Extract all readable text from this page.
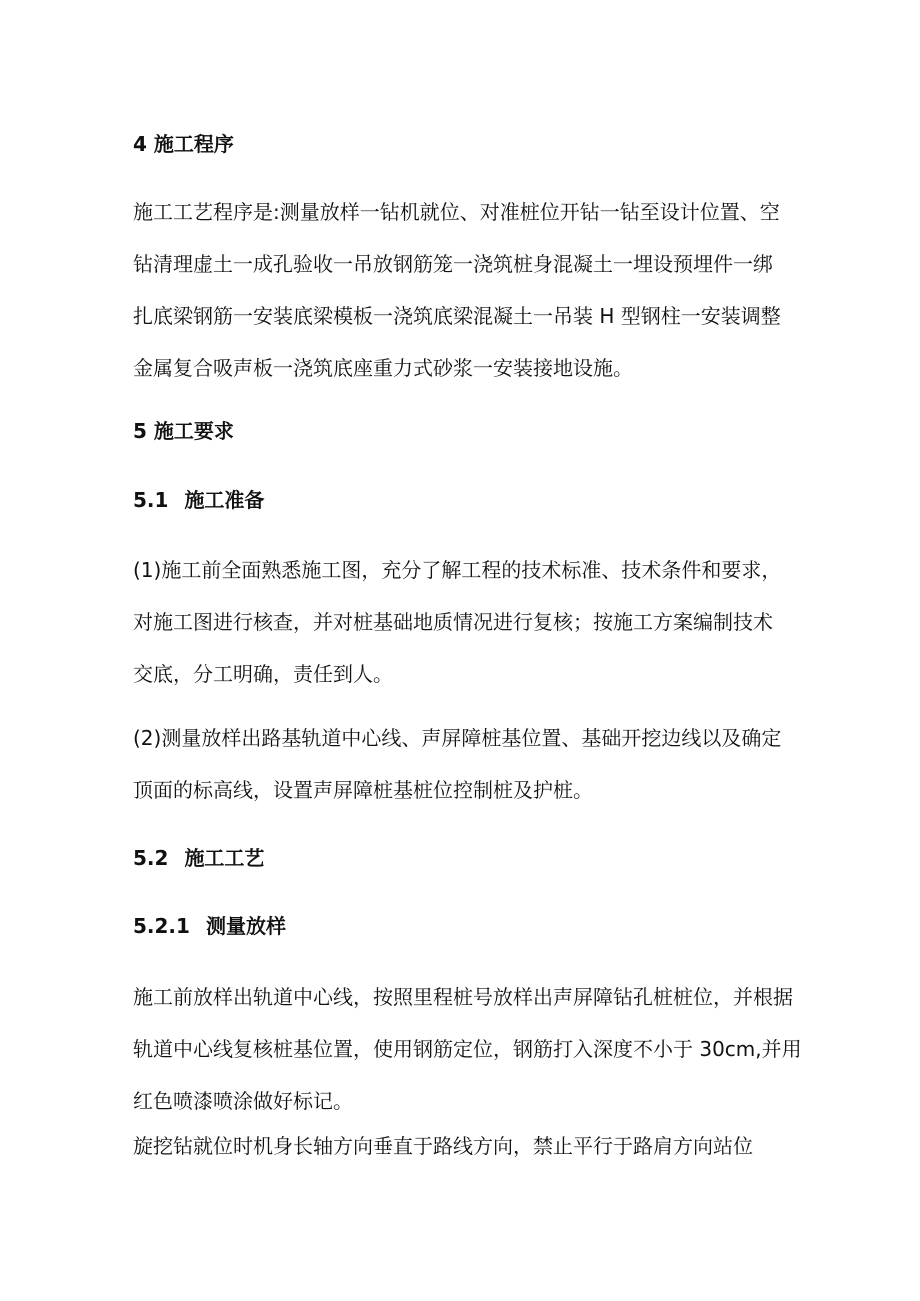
4 施工程序
施工工艺程序是:测量放样一钻机就位、对准桩位开钻一钻至设计位置、空
钻清理虚土一成孔验收一吊放钢筋笼一浇筑桩身混凝土一埋设预埋件一绑
扎底梁钢筋一安装底梁模板一浇筑底梁混凝土一吊装 H 型钢柱一安装调整
金属复合吸声板一浇筑底座重力式砂浆一安装接地设施。
5 施工要求
5.1 施工准备
(1)施工前全面熟悉施工图，充分了解工程的技术标准、技术条件和要求，
对施工图进行核查，并对桩基础地质情况进行复核；按施工方案编制技术
交底，分工明确，责任到人。
(2)测量放样出路基轨道中心线、声屏障桩基位置、基础开挖边线以及确定
顶面的标高线，设置声屏障桩基桩位控制桩及护桩。
5.2 施工工艺
5.2.1 测量放样
施工前放样出轨道中心线，按照里程桩号放样出声屏障钻孔桩桩位，并根据
轨道中心线复核桩基位置，使用钢筋定位，钢筋打入深度不小于 30cm,并用
红色喷漆喷涂做好标记。
旋挖钻就位时机身长轴方向垂直于路线方向，禁止平行于路肩方向站位
